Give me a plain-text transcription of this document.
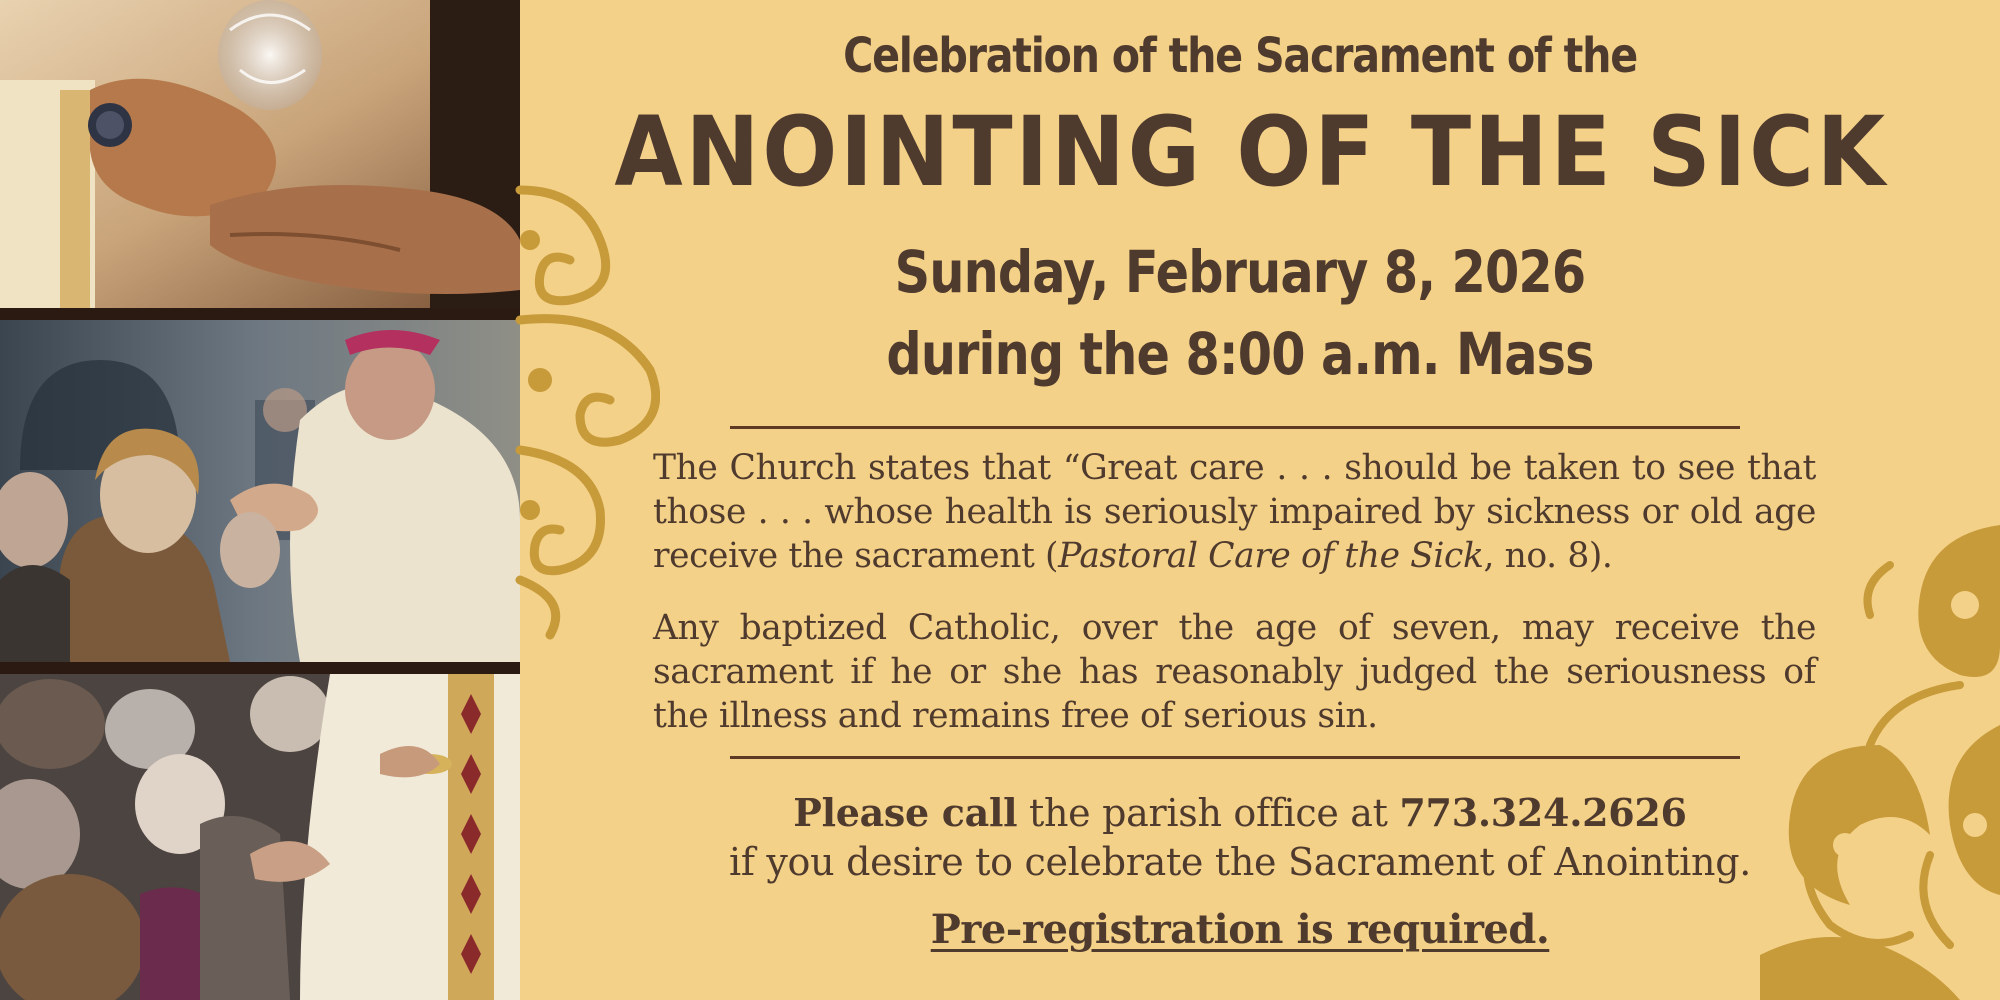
Celebration of the Sacrament of the
ANOINTING OF THE SICK
Sunday, February 8, 2026
during the 8:00 a.m. Mass

The Church states that “Great care . . . should be taken to see that those . . . whose health is seriously impaired by sickness or old age receive the sacrament (Pastoral Care of the Sick, no. 8).

Any baptized Catholic, over the age of seven, may receive the sacrament if he or she has reasonably judged the seriousness of the illness and remains free of serious sin.

Please call the parish office at 773.324.2626
if you desire to celebrate the Sacrament of Anointing.
Pre-registration is required.
